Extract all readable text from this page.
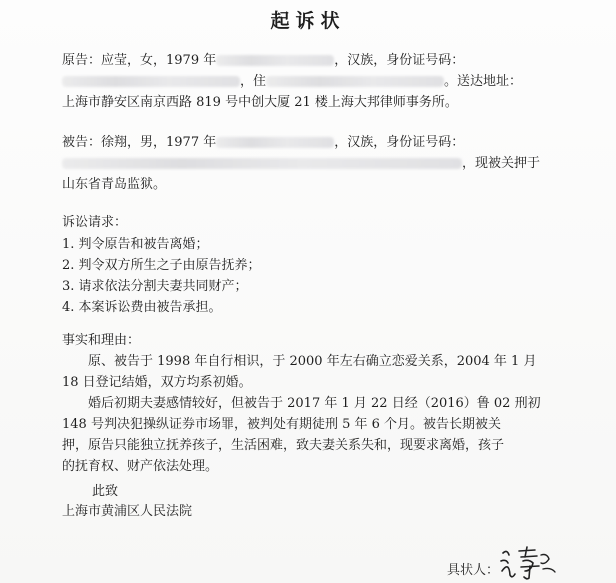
起诉状
原告：应莹，女，1979 年	，汉族，身份证号码：
，住	。送达地址：
上海市静安区南京西路 819 号中创大厦 21 楼上海大邦律师事务所。
被告：徐翔，男，1977 年	，汉族，身份证号码：
，现被关押于
山东省青岛监狱。
诉讼请求：
1. 判令原告和被告离婚；
2. 判令双方所生之子由原告抚养；
3. 请求依法分割夫妻共同财产；
4. 本案诉讼费由被告承担。
事实和理由：
原、被告于 1998 年自行相识，于 2000 年左右确立恋爱关系，2004 年 1 月
18 日登记结婚，双方均系初婚。
婚后初期夫妻感情较好，但被告于 2017 年 1 月 22 日经（2016）鲁 02 刑初
148 号判决犯操纵证券市场罪，被判处有期徒刑 5 年 6 个月。被告长期被关
押，原告只能独立抚养孩子，生活困难，致夫妻关系失和，现要求离婚，孩子
的抚育权、财产依法处理。
此致
上海市黄浦区人民法院
具状人：
